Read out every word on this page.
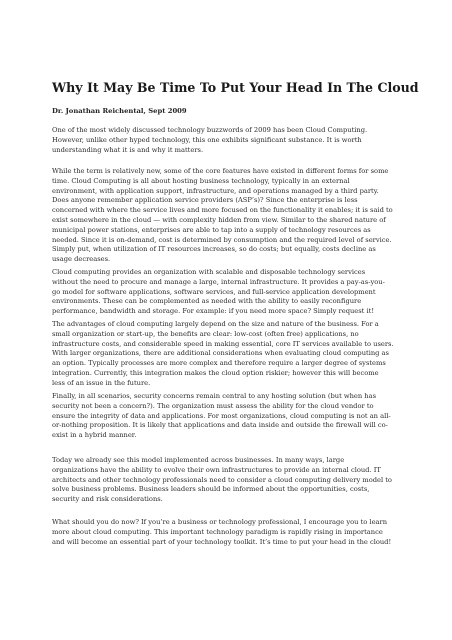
Why It May Be Time To Put Your Head In The Cloud

Dr. Jonathan Reichental, Sept 2009

One of the most widely discussed technology buzzwords of 2009 has been Cloud Computing.
However, unlike other hyped technology, this one exhibits significant substance. It is worth
understanding what it is and why it matters.

While the term is relatively new, some of the core features have existed in different forms for some
time. Cloud Computing is all about hosting business technology, typically in an external
environment, with application support, infrastructure, and operations managed by a third party.
Does anyone remember application service providers (ASP’s)? Since the enterprise is less
concerned with where the service lives and more focused on the functionality it enables; it is said to
exist somewhere in the cloud — with complexity hidden from view. Similar to the shared nature of
municipal power stations, enterprises are able to tap into a supply of technology resources as
needed. Since it is on-demand, cost is determined by consumption and the required level of service.
Simply put, when utilization of IT resources increases, so do costs; but equally, costs decline as
usage decreases.

Cloud computing provides an organization with scalable and disposable technology services
without the need to procure and manage a large, internal infrastructure. It provides a pay-as-you-
go model for software applications, software services, and full-service application development
environments. These can be complemented as needed with the ability to easily reconfigure
performance, bandwidth and storage. For example: if you need more space? Simply request it!

The advantages of cloud computing largely depend on the size and nature of the business. For a
small organization or start-up, the benefits are clear: low-cost (often free) applications, no
infrastructure costs, and considerable speed in making essential, core IT services available to users.
With larger organizations, there are additional considerations when evaluating cloud computing as
an option. Typically processes are more complex and therefore require a larger degree of systems
integration. Currently, this integration makes the cloud option riskier; however this will become
less of an issue in the future.

Finally, in all scenarios, security concerns remain central to any hosting solution (but when has
security not been a concern?). The organization must assess the ability for the cloud vendor to
ensure the integrity of data and applications. For most organizations, cloud computing is not an all-
or-nothing proposition. It is likely that applications and data inside and outside the firewall will co-
exist in a hybrid manner.

Today we already see this model implemented across businesses. In many ways, large
organizations have the ability to evolve their own infrastructures to provide an internal cloud. IT
architects and other technology professionals need to consider a cloud computing delivery model to
solve business problems. Business leaders should be informed about the opportunities, costs,
security and risk considerations.

What should you do now? If you’re a business or technology professional, I encourage you to learn
more about cloud computing. This important technology paradigm is rapidly rising in importance
and will become an essential part of your technology toolkit. It’s time to put your head in the cloud!
